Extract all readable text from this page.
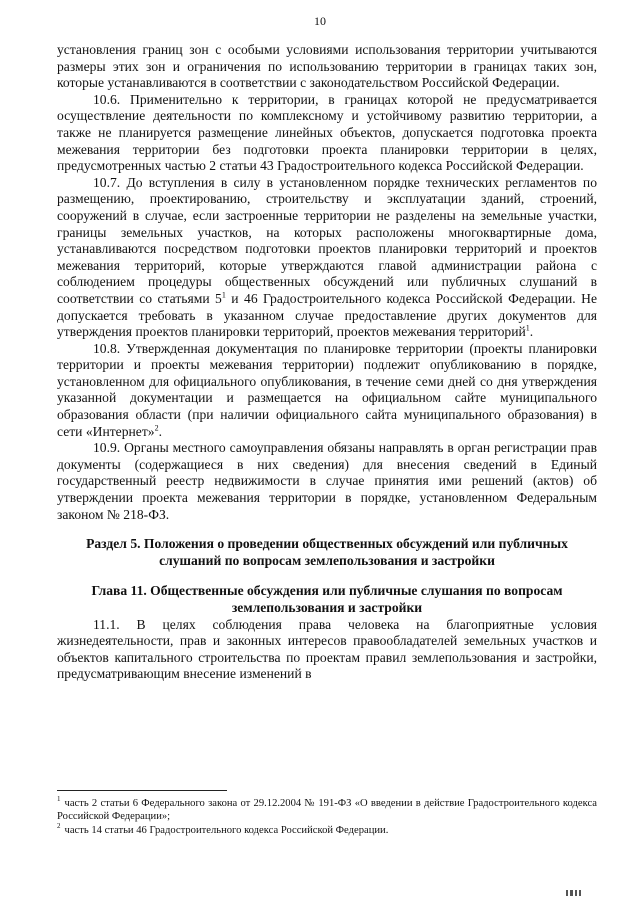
10

установления границ зон с особыми условиями использования территории учитываются размеры этих зон и ограничения по использованию территории в границах таких зон, которые устанавливаются в соответствии с законодательством Российской Федерации.

10.6. Применительно к территории, в границах которой не предусматривается осуществление деятельности по комплексному и устойчивому развитию территории, а также не планируется размещение линейных объектов, допускается подготовка проекта межевания территории без подготовки проекта планировки территории в целях, предусмотренных частью 2 статьи 43 Градостроительного кодекса Российской Федерации.

10.7. До вступления в силу в установленном порядке технических регламентов по размещению, проектированию, строительству и эксплуатации зданий, строений, сооружений в случае, если застроенные территории не разделены на земельные участки, границы земельных участков, на которых расположены многоквартирные дома, устанавливаются посредством подготовки проектов планировки территорий и проектов межевания территорий, которые утверждаются главой администрации района с соблюдением процедуры общественных обсуждений или публичных слушаний в соответствии со статьями $5^1$ и 46 Градостроительного кодекса Российской Федерации. Не допускается требовать в указанном случае предоставление других документов для утверждения проектов планировки территорий, проектов межевания территорий$^1$.

10.8. Утвержденная документация по планировке территории (проекты планировки территории и проекты межевания территории) подлежит опубликованию в порядке, установленном для официального опубликования, в течение семи дней со дня утверждения указанной документации и размещается на официальном сайте муниципального образования области (при наличии официального сайта муниципального образования) в сети «Интернет»$^2$.

10.9. Органы местного самоуправления обязаны направлять в орган регистрации прав документы (содержащиеся в них сведения) для внесения сведений в Единый государственный реестр недвижимости в случае принятия ими решений (актов) об утверждении проекта межевания территории в порядке, установленном Федеральным законом № 218-ФЗ.

Раздел 5. Положения о проведении общественных обсуждений или публичных слушаний по вопросам землепользования и застройки

Глава 11. Общественные обсуждения или публичные слушания по вопросам землепользования и застройки

11.1. В целях соблюдения права человека на благоприятные условия жизнедеятельности, прав и законных интересов правообладателей земельных участков и объектов капитального строительства по проектам правил землепользования и застройки, предусматривающим внесение изменений в

$^1$ часть 2 статьи 6 Федерального закона от 29.12.2004 № 191-ФЗ «О введении в действие Градостроительного кодекса Российской Федерации»;

$^2$ часть 14 статьи 46 Градостроительного кодекса Российской Федерации.
